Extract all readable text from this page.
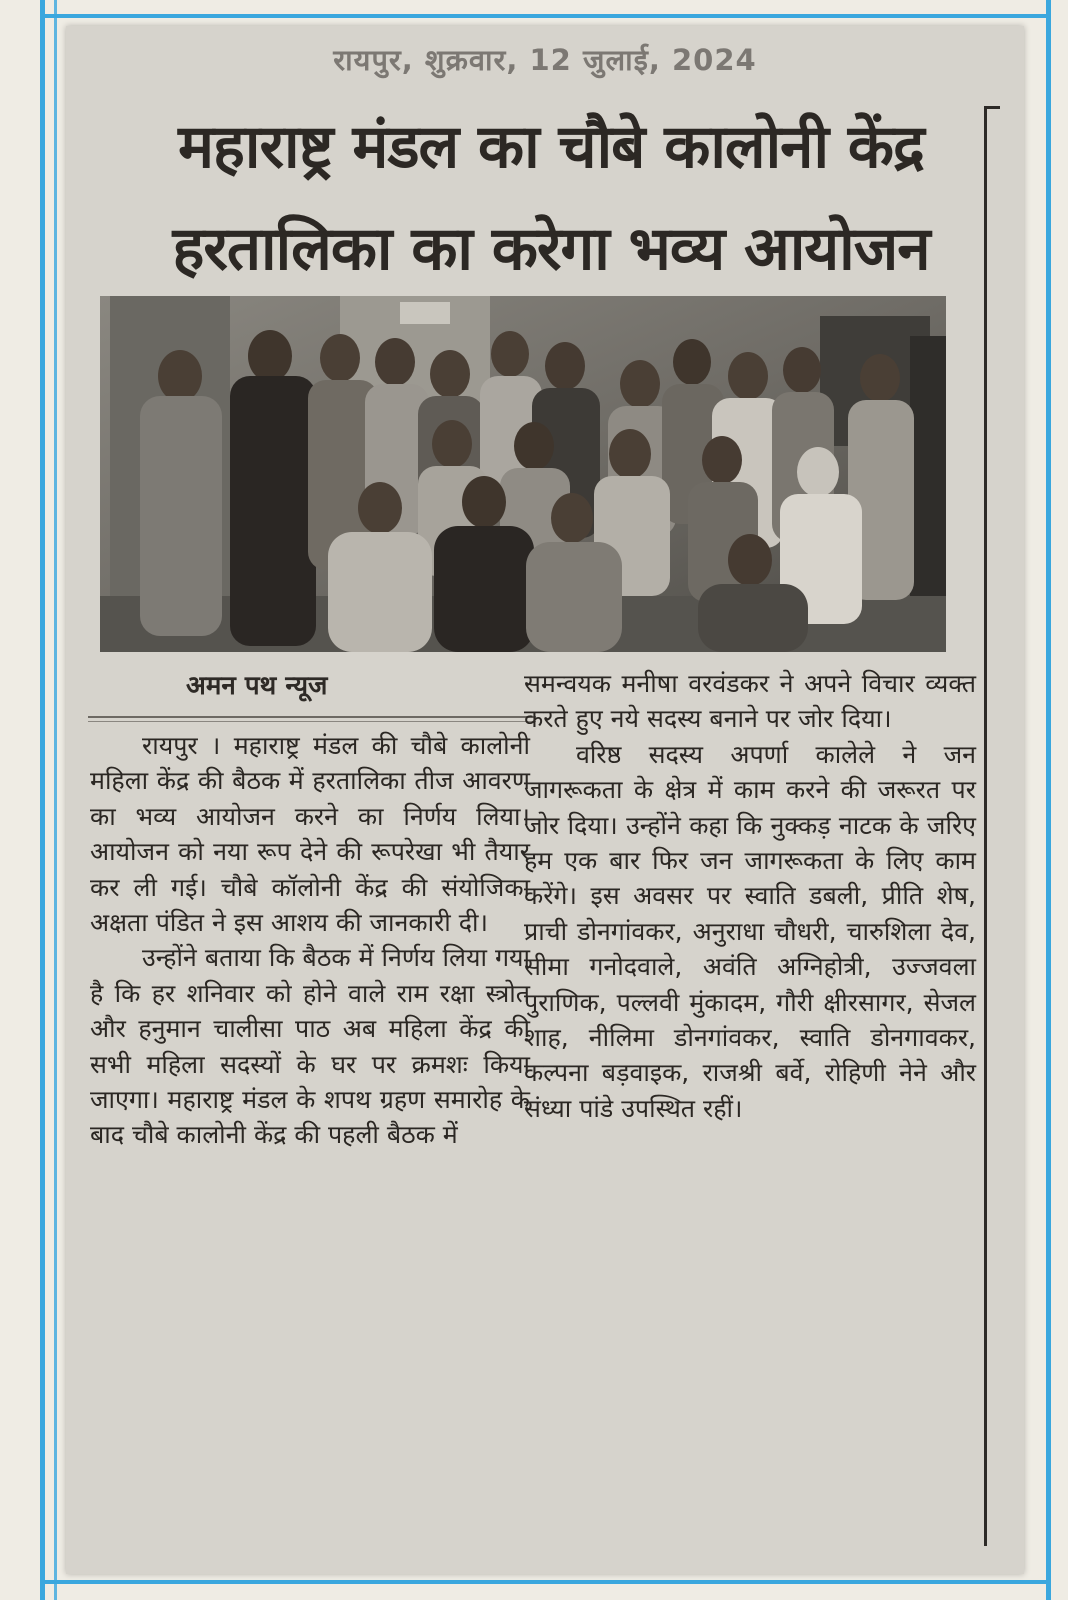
रायपुर, शुक्रवार, 12 जुलाई, 2024
महाराष्ट्र मंडल का चौबे कालोनी केंद्र
हरतालिका का करेगा भव्य आयोजन
अमन पथ न्यूज

रायपुर । महाराष्ट्र मंडल की चौबे कालोनी महिला केंद्र की बैठक में हरतालिका तीज आवरण का भव्य आयोजन करने का निर्णय लिया।आयोजन को नया रूप देने की रूपरेखा भी तैयार कर ली गई। चौबे कॉलोनी केंद्र की संयोजिका अक्षता पंडित ने इस आशय की जानकारी दी।

उन्होंने बताया कि बैठक में निर्णय लिया गया है कि हर शनिवार को होने वाले राम रक्षा स्त्रोत और हनुमान चालीसा पाठ अब महिला केंद्र की सभी महिला सदस्यों के घर पर क्रमशः किया जाएगा। महाराष्ट्र मंडल के शपथ ग्रहण समारोह के बाद चौबे कालोनी केंद्र की पहली बैठक में

समन्वयक मनीषा वरवंडकर ने अपने विचार व्यक्त करते हुए नये सदस्य बनाने पर जोर दिया।

वरिष्ठ सदस्य अपर्णा कालेले ने जन जागरूकता के क्षेत्र में काम करने की जरूरत पर जोर दिया। उन्होंने कहा कि नुक्कड़ नाटक के जरिए हम एक बार फिर जन जागरूकता के लिए काम करेंगे। इस अवसर पर स्वाति डबली, प्रीति शेष, प्राची डोनगांवकर, अनुराधा चौधरी, चारुशिला देव, सीमा गनोदवाले, अवंति अग्निहोत्री, उज्जवला पुराणिक, पल्लवी मुंकादम, गौरी क्षीरसागर, सेजल शाह, नीलिमा डोनगांवकर, स्वाति डोनगावकर, कल्पना बड़वाइक, राजश्री बर्वे, रोहिणी नेने और संध्या पांडे उपस्थित रहीं।
